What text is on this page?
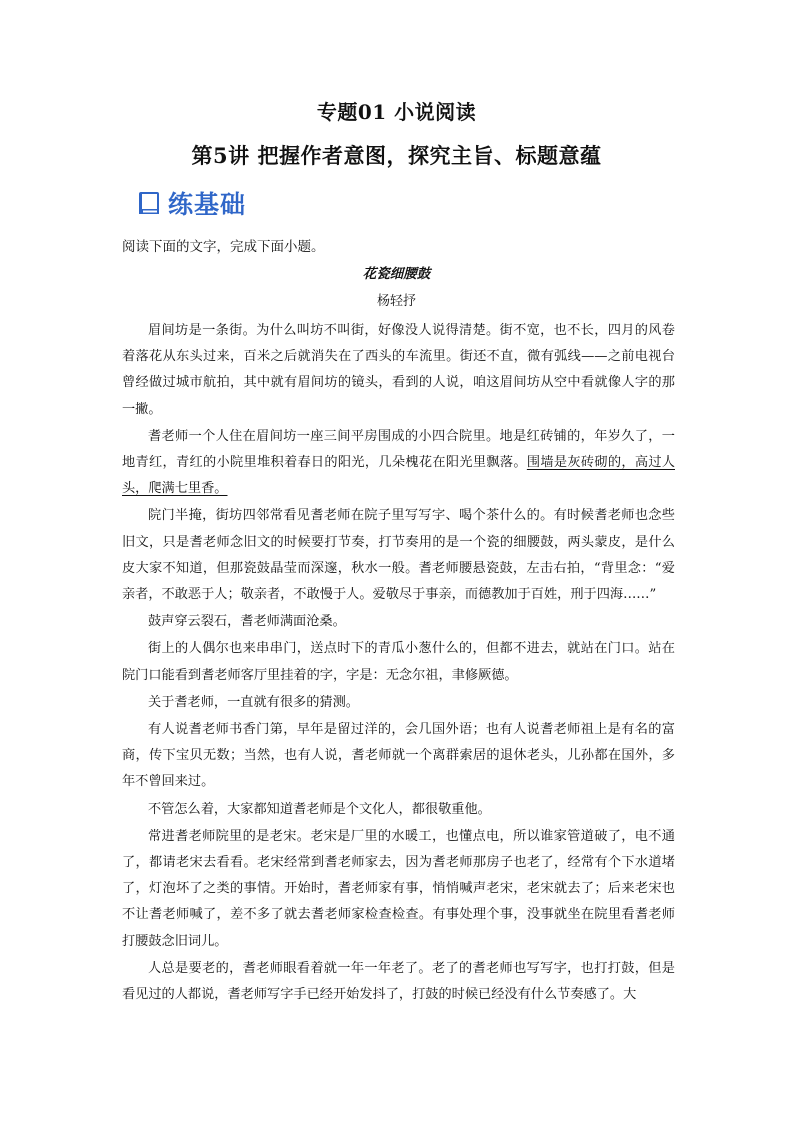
专题01 小说阅读
第5讲 把握作者意图，探究主旨、标题意蕴
练基础
阅读下面的文字，完成下面小题。
花瓷细腰鼓
杨轻抒

眉间坊是一条街。为什么叫坊不叫街，好像没人说得清楚。街不宽，也不长，四月的风卷着落花从东头过来，百米之后就消失在了西头的车流里。街还不直，微有弧线——之前电视台曾经做过城市航拍，其中就有眉间坊的镜头，看到的人说，咱这眉间坊从空中看就像人字的那一撇。

耆老师一个人住在眉间坊一座三间平房围成的小四合院里。地是红砖铺的，年岁久了，一地青红，青红的小院里堆积着春日的阳光，几朵槐花在阳光里飘落。围墙是灰砖砌的，高过人头，爬满七里香。

院门半掩，街坊四邻常看见耆老师在院子里写写字、喝个茶什么的。有时候耆老师也念些旧文，只是耆老师念旧文的时候要打节奏，打节奏用的是一个瓷的细腰鼓，两头蒙皮，是什么皮大家不知道，但那瓷鼓晶莹而深邃，秋水一般。耆老师腰悬瓷鼓，左击右拍，“背里念：“爱亲者，不敢恶于人；敬亲者，不敢慢于人。爱敬尽于事亲，而德教加于百姓，刑于四海……”

鼓声穿云裂石，耆老师满面沧桑。

街上的人偶尔也来串串门，送点时下的青瓜小葱什么的，但都不进去，就站在门口。站在院门口能看到耆老师客厅里挂着的字，字是：无念尔祖，聿修厥德。

关于耆老师，一直就有很多的猜测。

有人说耆老师书香门第，早年是留过洋的，会几国外语；也有人说耆老师祖上是有名的富商，传下宝贝无数；当然，也有人说，耆老师就一个离群索居的退休老头，儿孙都在国外，多年不曾回来过。

不管怎么着，大家都知道耆老师是个文化人，都很敬重他。

常进耆老师院里的是老宋。老宋是厂里的水暖工，也懂点电，所以谁家管道破了，电不通了，都请老宋去看看。老宋经常到耆老师家去，因为耆老师那房子也老了，经常有个下水道堵了，灯泡坏了之类的事情。开始时，耆老师家有事，悄悄喊声老宋，老宋就去了；后来老宋也不让耆老师喊了，差不多了就去耆老师家检查检查。有事处理个事，没事就坐在院里看耆老师打腰鼓念旧词儿。

人总是要老的，耆老师眼看着就一年一年老了。老了的耆老师也写写字，也打打鼓，但是看见过的人都说，耆老师写字手已经开始发抖了，打鼓的时候已经没有什么节奏感了。大
